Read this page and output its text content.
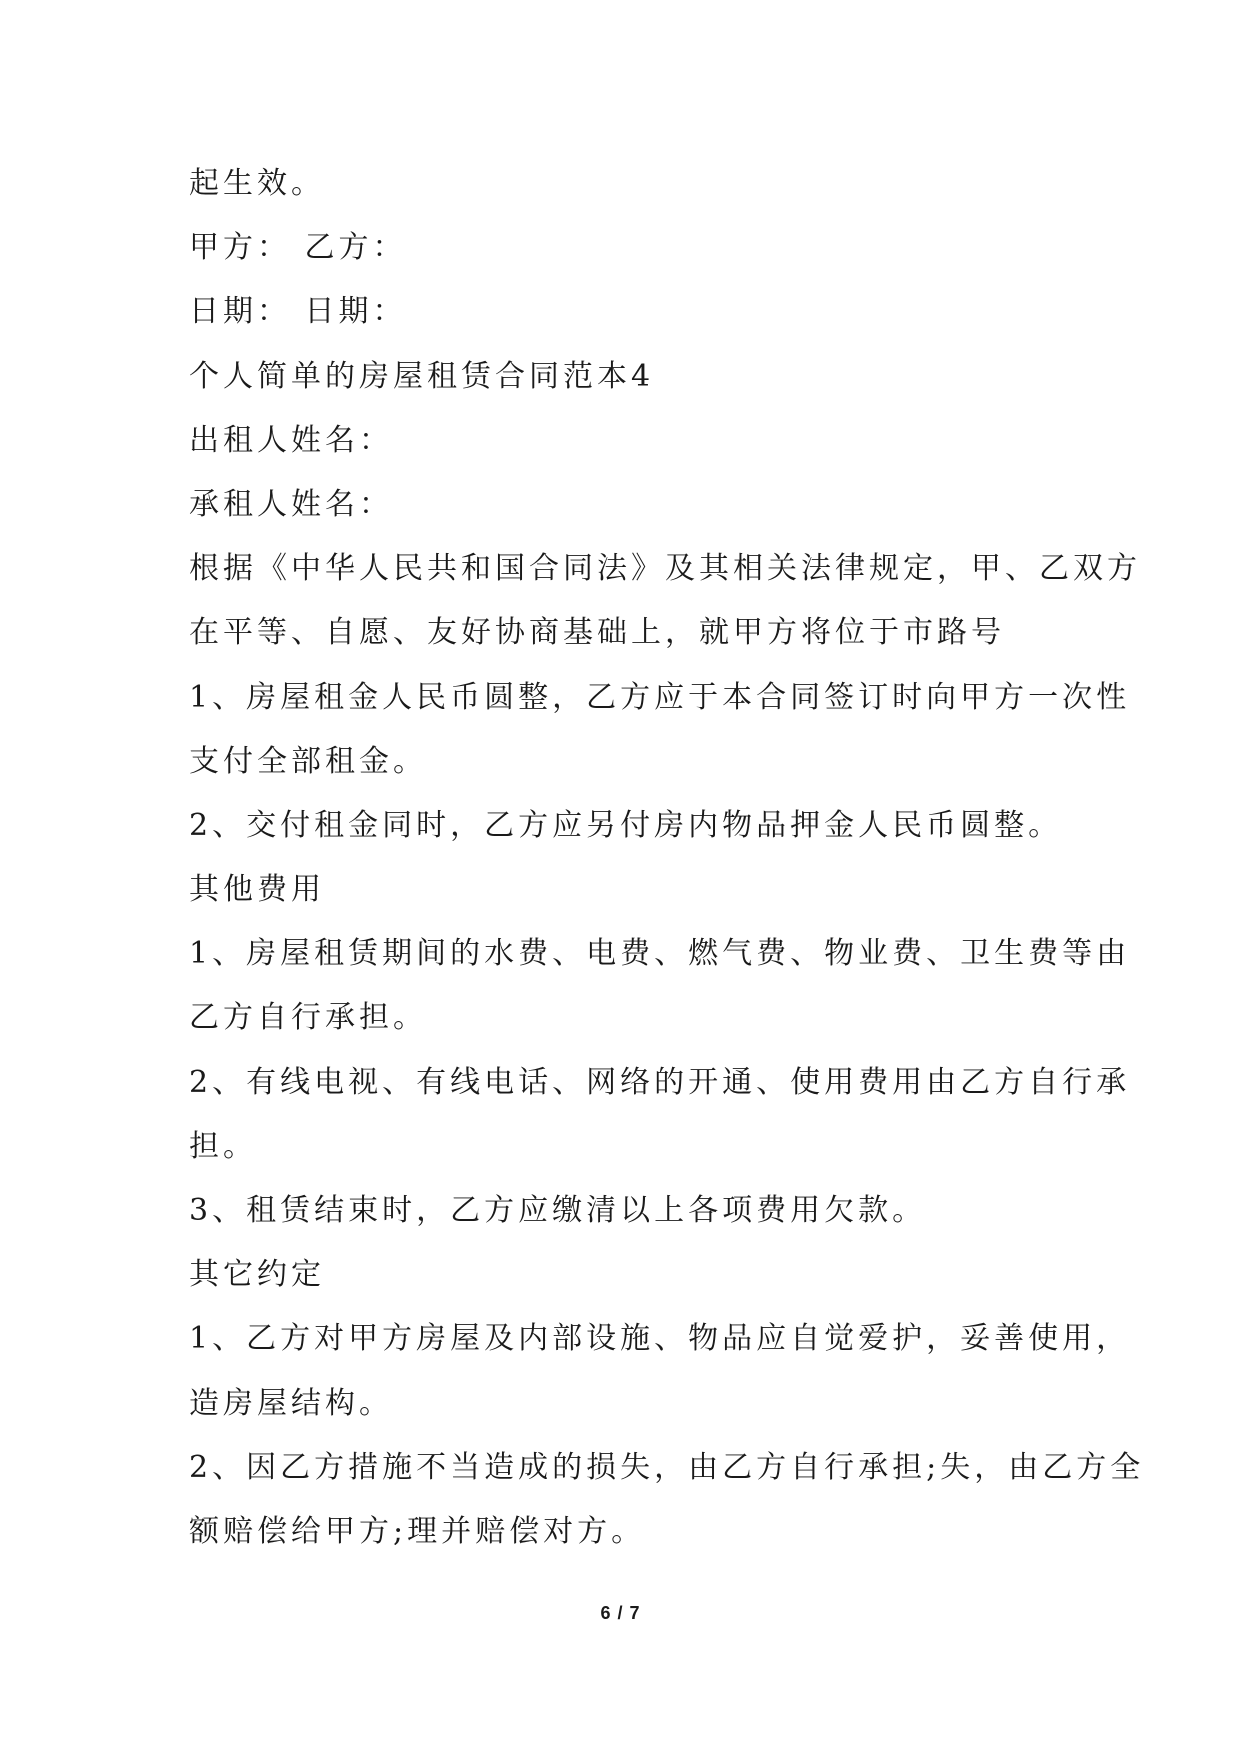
起生效。
甲方： 乙方：
日期： 日期：
个人简单的房屋租赁合同范本4
出租人姓名：
承租人姓名：
根据《中华人民共和国合同法》及其相关法律规定，甲、乙双方
在平等、自愿、友好协商基础上，就甲方将位于市路号
1、房屋租金人民币圆整，乙方应于本合同签订时向甲方一次性
支付全部租金。
2、交付租金同时，乙方应另付房内物品押金人民币圆整。
其他费用
1、房屋租赁期间的水费、电费、燃气费、物业费、卫生费等由
乙方自行承担。
2、有线电视、有线电话、网络的开通、使用费用由乙方自行承
担。
3、租赁结束时，乙方应缴清以上各项费用欠款。
其它约定
1、乙方对甲方房屋及内部设施、物品应自觉爱护，妥善使用，
造房屋结构。
2、因乙方措施不当造成的损失，由乙方自行承担;失，由乙方全
额赔偿给甲方;理并赔偿对方。
6 / 7
